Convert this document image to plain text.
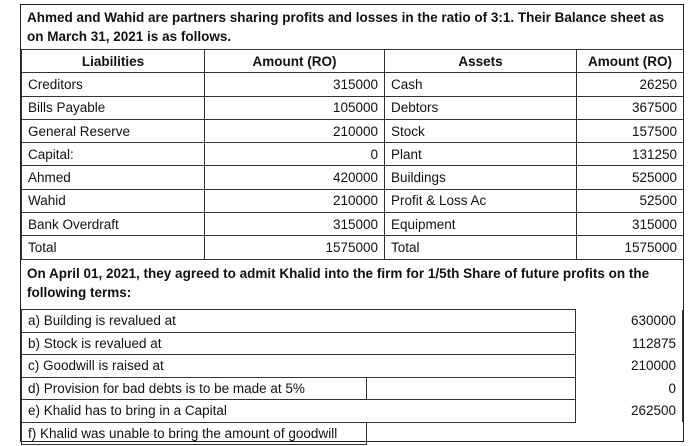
Ahmed and Wahid are partners sharing profits and losses in the ratio of 3:1. Their Balance sheet as on March 31, 2021 is as follows.
Liabilities	Amount (RO)	Assets	Amount (RO)
Creditors	315000	Cash	26250
Bills Payable	105000	Debtors	367500
General Reserve	210000	Stock	157500
Capital:	0	Plant	131250
Ahmed	420000	Buildings	525000
Wahid	210000	Profit & Loss Ac	52500
Bank Overdraft	315000	Equipment	315000
Total	1575000	Total	1575000
On April 01, 2021, they agreed to admit Khalid into the firm for 1/5th Share of future profits on the following terms:
a) Building is revalued at		630000
b) Stock is revalued at		112875
c) Goodwill is raised at		210000
d) Provision for bad debts is to be made at 5%		0
e) Khalid has to bring in a Capital		262500
f) Khalid was unable to bring the amount of goodwill		
